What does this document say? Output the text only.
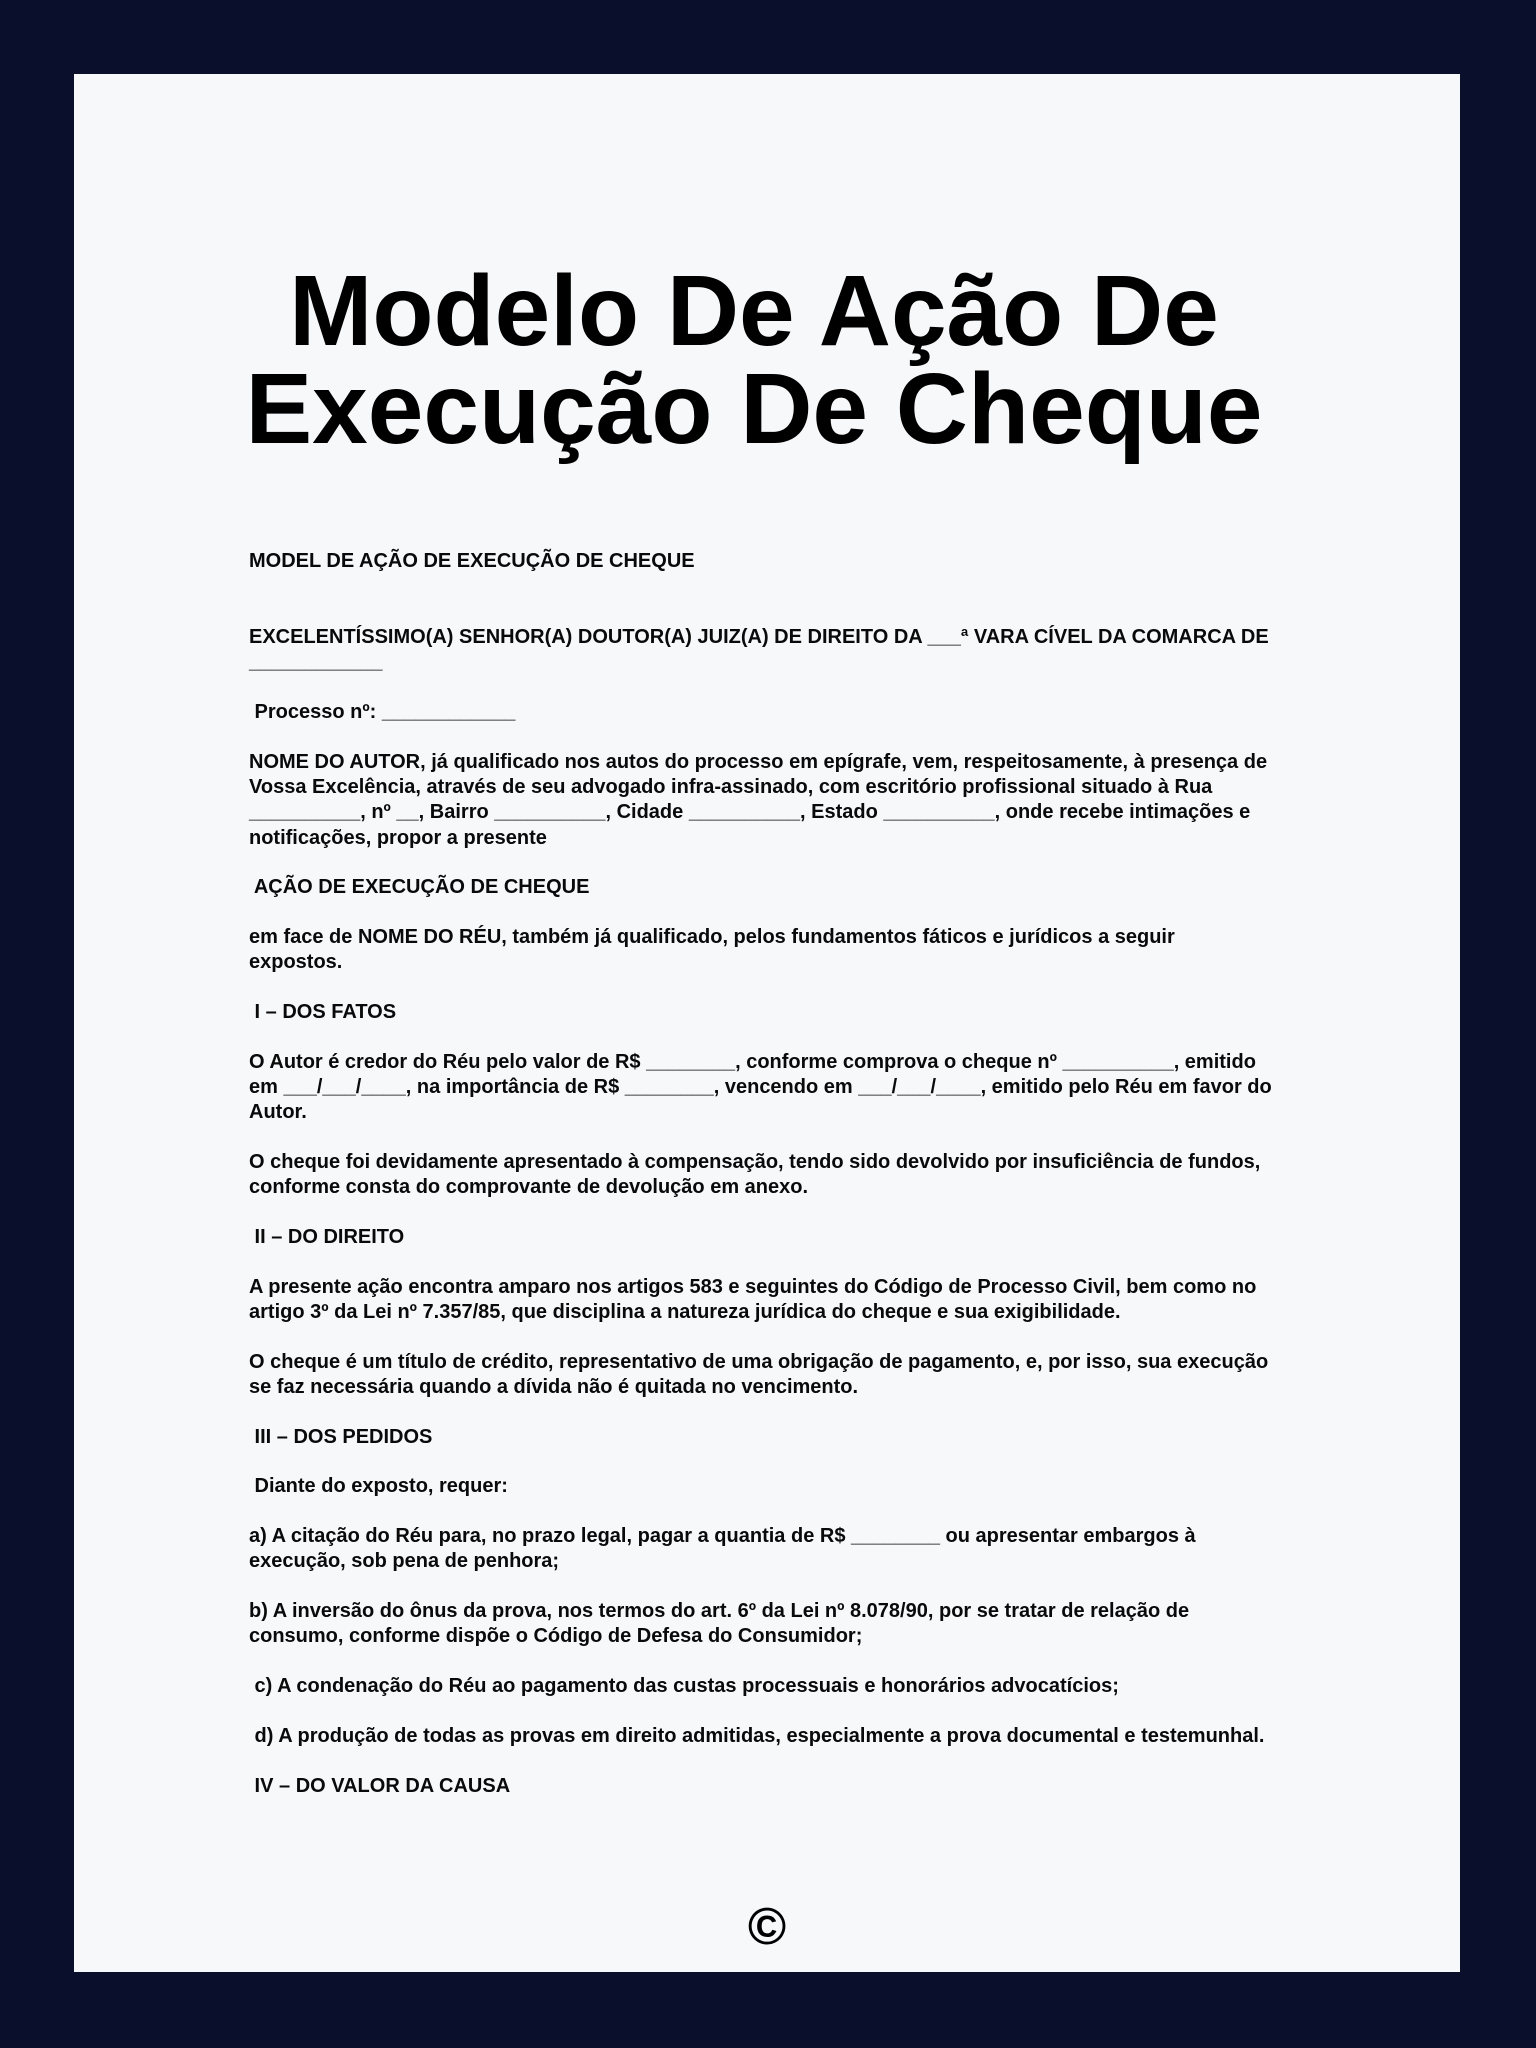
Modelo De Ação De Execução De Cheque
MODEL DE AÇÃO DE EXECUÇÃO DE CHEQUE
EXCELENTÍSSIMO(A) SENHOR(A) DOUTOR(A) JUIZ(A) DE DIREITO DA ___ª VARA CÍVEL DA COMARCA DE
____________
Processo nº: ____________
NOME DO AUTOR, já qualificado nos autos do processo em epígrafe, vem, respeitosamente, à presença de
Vossa Excelência, através de seu advogado infra-assinado, com escritório profissional situado à Rua
__________, nº __, Bairro __________, Cidade __________, Estado __________, onde recebe intimações e
notificações, propor a presente
AÇÃO DE EXECUÇÃO DE CHEQUE
em face de NOME DO RÉU, também já qualificado, pelos fundamentos fáticos e jurídicos a seguir
expostos.
I – DOS FATOS
O Autor é credor do Réu pelo valor de R$ ________, conforme comprova o cheque nº __________, emitido
em ___/___/____, na importância de R$ ________, vencendo em ___/___/____, emitido pelo Réu em favor do
Autor.
O cheque foi devidamente apresentado à compensação, tendo sido devolvido por insuficiência de fundos,
conforme consta do comprovante de devolução em anexo.
II – DO DIREITO
A presente ação encontra amparo nos artigos 583 e seguintes do Código de Processo Civil, bem como no
artigo 3º da Lei nº 7.357/85, que disciplina a natureza jurídica do cheque e sua exigibilidade.
O cheque é um título de crédito, representativo de uma obrigação de pagamento, e, por isso, sua execução
se faz necessária quando a dívida não é quitada no vencimento.
III – DOS PEDIDOS
Diante do exposto, requer:
a) A citação do Réu para, no prazo legal, pagar a quantia de R$ ________ ou apresentar embargos à
execução, sob pena de penhora;
b) A inversão do ônus da prova, nos termos do art. 6º da Lei nº 8.078/90, por se tratar de relação de
consumo, conforme dispõe o Código de Defesa do Consumidor;
c) A condenação do Réu ao pagamento das custas processuais e honorários advocatícios;
d) A produção de todas as provas em direito admitidas, especialmente a prova documental e testemunhal.
IV – DO VALOR DA CAUSA
©
